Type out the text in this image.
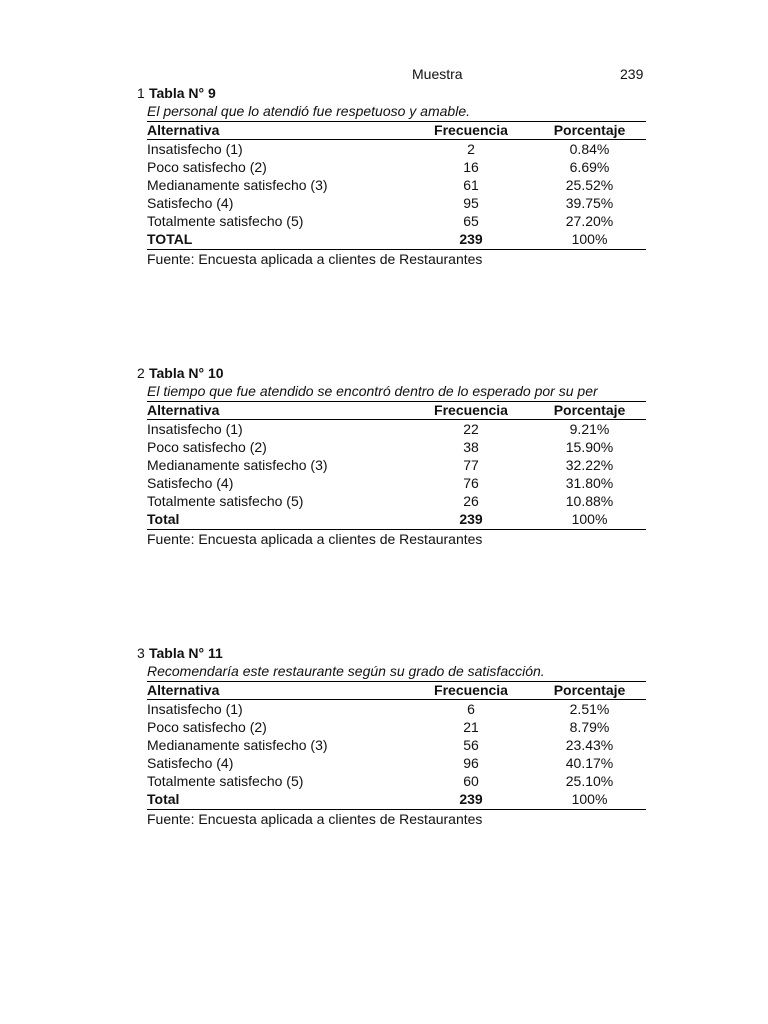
Muestra	239
1 Tabla N° 9
El personal que lo atendió fue respetuoso y amable.
Alternativa	Frecuencia	Porcentaje
Insatisfecho (1)	2	0.84%
Poco satisfecho (2)	16	6.69%
Medianamente satisfecho (3)	61	25.52%
Satisfecho (4)	95	39.75%
Totalmente satisfecho (5)	65	27.20%
TOTAL	239	100%
Fuente: Encuesta aplicada a clientes de Restaurantes
2 Tabla N° 10
El tiempo que fue atendido se encontró dentro de lo esperado por su per
Alternativa	Frecuencia	Porcentaje
Insatisfecho (1)	22	9.21%
Poco satisfecho (2)	38	15.90%
Medianamente satisfecho (3)	77	32.22%
Satisfecho (4)	76	31.80%
Totalmente satisfecho (5)	26	10.88%
Total	239	100%
Fuente: Encuesta aplicada a clientes de Restaurantes
3 Tabla N° 11
Recomendaría este restaurante según su grado de satisfacción.
Alternativa	Frecuencia	Porcentaje
Insatisfecho (1)	6	2.51%
Poco satisfecho (2)	21	8.79%
Medianamente satisfecho (3)	56	23.43%
Satisfecho (4)	96	40.17%
Totalmente satisfecho (5)	60	25.10%
Total	239	100%
Fuente: Encuesta aplicada a clientes de Restaurantes
